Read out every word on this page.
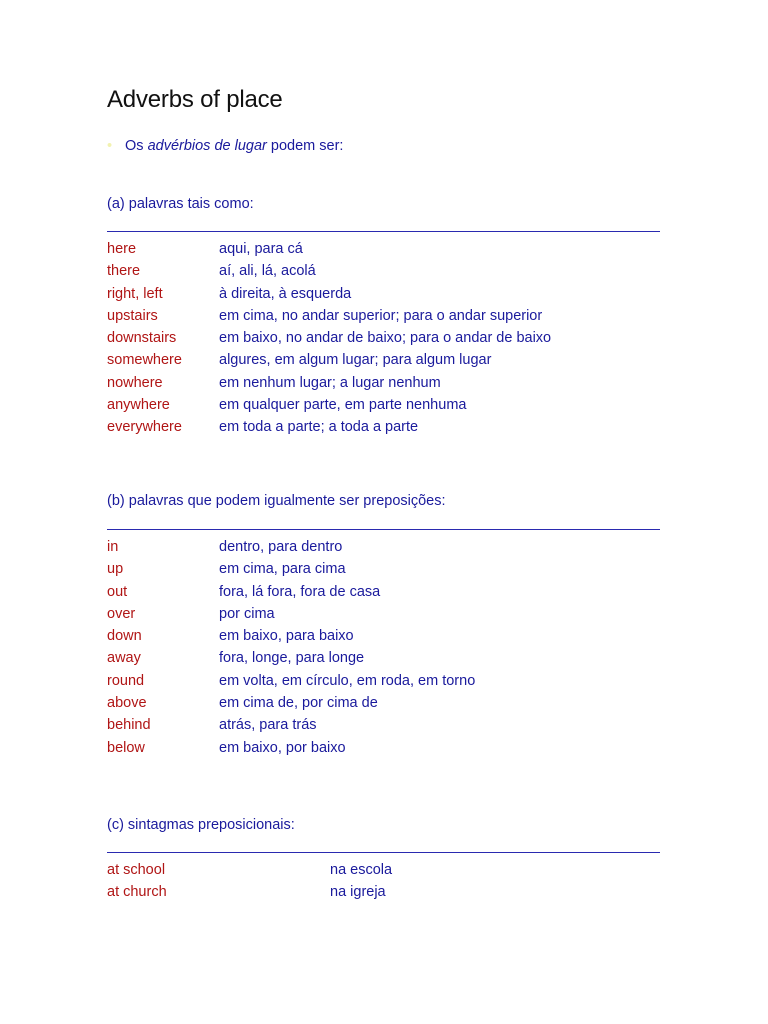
Adverbs of place
• Os advérbios de lugar podem ser:
(a) palavras tais como:
here	aqui, para cá
there	aí, ali, lá, acolá
right, left	à direita, à esquerda
upstairs	em cima, no andar superior; para o andar superior
downstairs	em baixo, no andar de baixo; para o andar de baixo
somewhere	algures, em algum lugar; para algum lugar
nowhere	em nenhum lugar; a lugar nenhum
anywhere	em qualquer parte, em parte nenhuma
everywhere	em toda a parte; a toda a parte
(b) palavras que podem igualmente ser preposições:
in	dentro, para dentro
up	em cima, para cima
out	fora, lá fora, fora de casa
over	por cima
down	em baixo, para baixo
away	fora, longe, para longe
round	em volta, em círculo, em roda, em torno
above	em cima de, por cima de
behind	atrás, para trás
below	em baixo, por baixo
(c) sintagmas preposicionais:
at school	na escola
at church	na igreja
